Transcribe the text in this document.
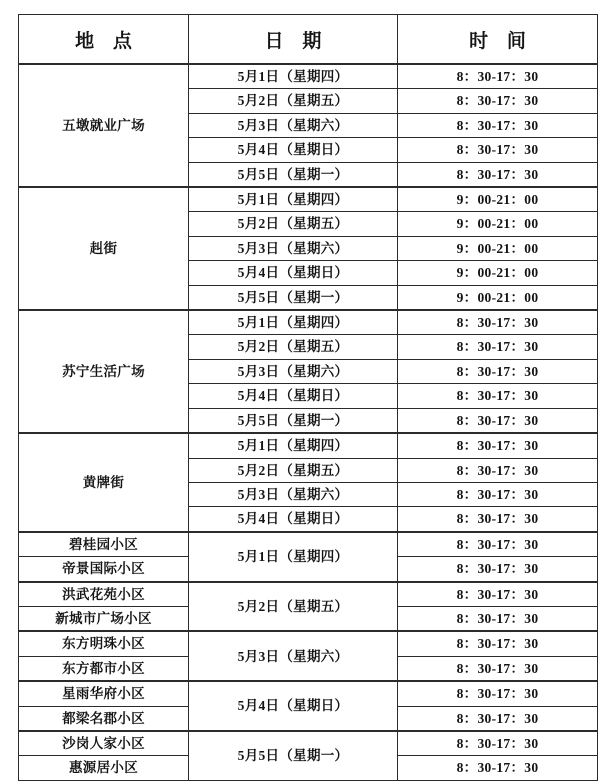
地 点	日 期	时 间
五墩就业广场	5月1日（星期四）	8：30-17：30
	5月2日（星期五）	8：30-17：30
	5月3日（星期六）	8：30-17：30
	5月4日（星期日）	8：30-17：30
	5月5日（星期一）	8：30-17：30
赳街	5月1日（星期四）	9：00-21：00
	5月2日（星期五）	9：00-21：00
	5月3日（星期六）	9：00-21：00
	5月4日（星期日）	9：00-21：00
	5月5日（星期一）	9：00-21：00
苏宁生活广场	5月1日（星期四）	8：30-17：30
	5月2日（星期五）	8：30-17：30
	5月3日（星期六）	8：30-17：30
	5月4日（星期日）	8：30-17：30
	5月5日（星期一）	8：30-17：30
黄牌街	5月1日（星期四）	8：30-17：30
	5月2日（星期五）	8：30-17：30
	5月3日（星期六）	8：30-17：30
	5月4日（星期日）	8：30-17：30
碧桂园小区	5月1日（星期四）	8：30-17：30
帝景国际小区		8：30-17：30
洪武花苑小区	5月2日（星期五）	8：30-17：30
新城市广场小区		8：30-17：30
东方明珠小区	5月3日（星期六）	8：30-17：30
东方都市小区		8：30-17：30
星雨华府小区	5月4日（星期日）	8：30-17：30
都梁名郡小区		8：30-17：30
沙岗人家小区	5月5日（星期一）	8：30-17：30
惠源居小区		8：30-17：30
